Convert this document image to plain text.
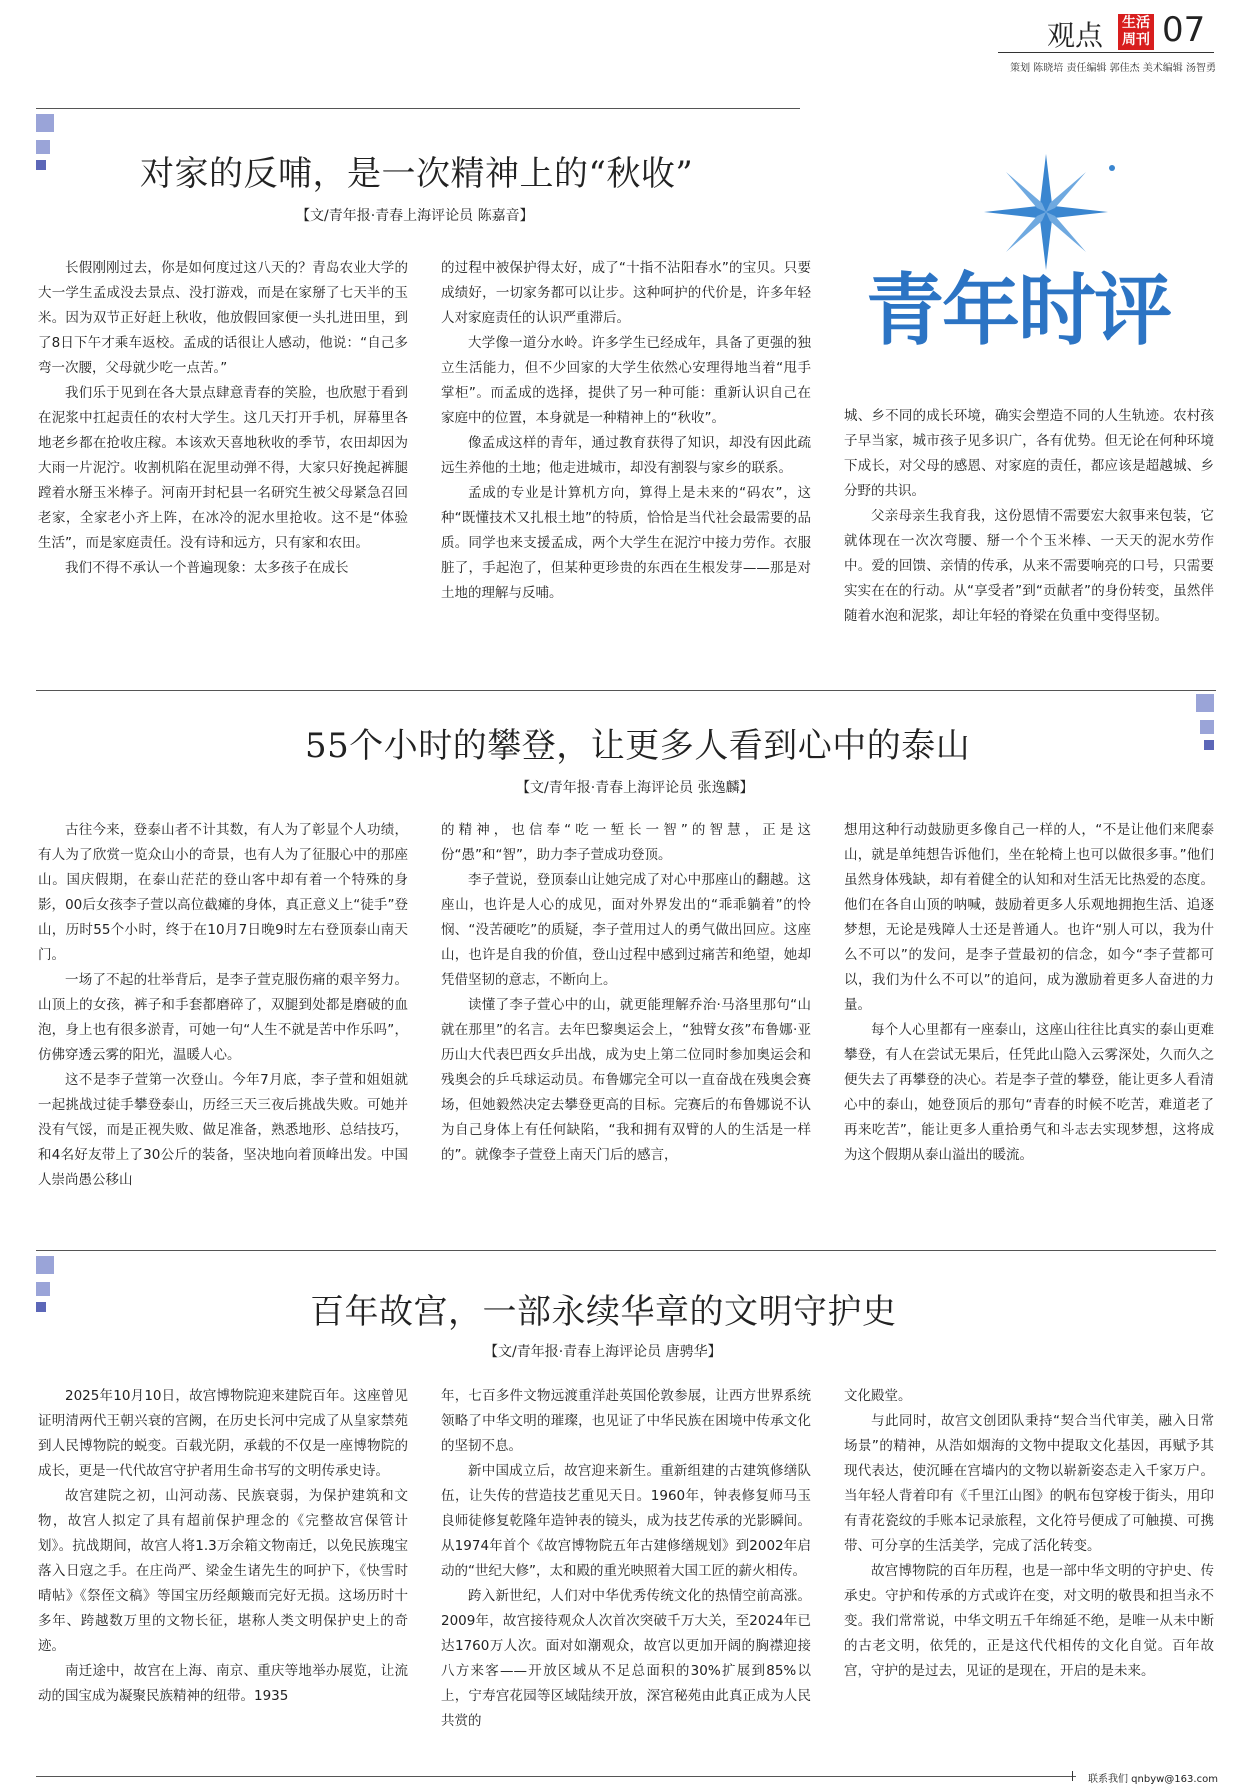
观点 生活
周刊 07
策划 陈晓培 责任编辑 郭佳杰 美术编辑 汤智勇
对家的反哺，是一次精神上的“秋收”
【文/青年报·青春上海评论员 陈嘉音】

长假刚刚过去，你是如何度过这八天的？青岛农业大学的大一学生孟成没去景点、没打游戏，而是在家掰了七天半的玉米。因为双节正好赶上秋收，他放假回家便一头扎进田里，到了8日下午才乘车返校。孟成的话很让人感动，他说：“自己多弯一次腰，父母就少吃一点苦。”

我们乐于见到在各大景点肆意青春的笑脸，也欣慰于看到在泥浆中扛起责任的农村大学生。这几天打开手机，屏幕里各地老乡都在抢收庄稼。本该欢天喜地秋收的季节，农田却因为大雨一片泥泞。收割机陷在泥里动弹不得，大家只好挽起裤腿蹚着水掰玉米棒子。河南开封杞县一名研究生被父母紧急召回老家，全家老小齐上阵，在冰冷的泥水里抢收。这不是“体验生活”，而是家庭责任。没有诗和远方，只有家和农田。

我们不得不承认一个普遍现象：太多孩子在成长

的过程中被保护得太好，成了“十指不沾阳春水”的宝贝。只要成绩好，一切家务都可以让步。这种呵护的代价是，许多年轻人对家庭责任的认识严重滞后。

大学像一道分水岭。许多学生已经成年，具备了更强的独立生活能力，但不少回家的大学生依然心安理得地当着“甩手掌柜”。而孟成的选择，提供了另一种可能：重新认识自己在家庭中的位置，本身就是一种精神上的“秋收”。

像孟成这样的青年，通过教育获得了知识，却没有因此疏远生养他的土地；他走进城市，却没有割裂与家乡的联系。

孟成的专业是计算机方向，算得上是未来的“码农”，这种“既懂技术又扎根土地”的特质，恰恰是当代社会最需要的品质。同学也来支援孟成，两个大学生在泥泞中接力劳作。衣服脏了，手起泡了，但某种更珍贵的东西在生根发芽——那是对土地的理解与反哺。

青年时评

城、乡不同的成长环境，确实会塑造不同的人生轨迹。农村孩子早当家，城市孩子见多识广，各有优势。但无论在何种环境下成长，对父母的感恩、对家庭的责任，都应该是超越城、乡分野的共识。

父亲母亲生我育我，这份恩情不需要宏大叙事来包装，它就体现在一次次弯腰、掰一个个玉米棒、一天天的泥水劳作中。爱的回馈、亲情的传承，从来不需要响亮的口号，只需要实实在在的行动。从“享受者”到“贡献者”的身份转变，虽然伴随着水泡和泥浆，却让年轻的脊梁在负重中变得坚韧。

55个小时的攀登，让更多人看到心中的泰山
【文/青年报·青春上海评论员 张逸麟】

古往今来，登泰山者不计其数，有人为了彰显个人功绩，有人为了欣赏一览众山小的奇景，也有人为了征服心中的那座山。国庆假期，在泰山茫茫的登山客中却有着一个特殊的身影，00后女孩李子萱以高位截瘫的身体，真正意义上“徒手”登山，历时55个小时，终于在10月7日晚9时左右登顶泰山南天门。

一场了不起的壮举背后，是李子萱克服伤痛的艰辛努力。山顶上的女孩，裤子和手套都磨碎了，双腿到处都是磨破的血泡，身上也有很多淤青，可她一句“人生不就是苦中作乐吗”，仿佛穿透云雾的阳光，温暖人心。

这不是李子萱第一次登山。今年7月底，李子萱和姐姐就一起挑战过徒手攀登泰山，历经三天三夜后挑战失败。可她并没有气馁，而是正视失败、做足准备，熟悉地形、总结技巧，和4名好友带上了30公斤的装备，坚决地向着顶峰出发。中国人崇尚愚公移山

的精神，也信奉“吃一堑长一智”的智慧，正是这份“愚”和“智”，助力李子萱成功登顶。

李子萱说，登顶泰山让她完成了对心中那座山的翻越。这座山，也许是人心的成见，面对外界发出的“乖乖躺着”的怜悯、“没苦硬吃”的质疑，李子萱用过人的勇气做出回应。这座山，也许是自我的价值，登山过程中感到过痛苦和绝望，她却凭借坚韧的意志，不断向上。

读懂了李子萱心中的山，就更能理解乔治·马洛里那句“山就在那里”的名言。去年巴黎奥运会上，“独臂女孩”布鲁娜·亚历山大代表巴西女乒出战，成为史上第二位同时参加奥运会和残奥会的乒乓球运动员。布鲁娜完全可以一直奋战在残奥会赛场，但她毅然决定去攀登更高的目标。完赛后的布鲁娜说不认为自己身体上有任何缺陷，“我和拥有双臂的人的生活是一样的”。就像李子萱登上南天门后的感言，

想用这种行动鼓励更多像自己一样的人，“不是让他们来爬泰山，就是单纯想告诉他们，坐在轮椅上也可以做很多事。”他们虽然身体残缺，却有着健全的认知和对生活无比热爱的态度。他们在各自山顶的呐喊，鼓励着更多人乐观地拥抱生活、追逐梦想，无论是残障人士还是普通人。也许“别人可以，我为什么不可以”的发问，是李子萱最初的信念，如今“李子萱都可以，我们为什么不可以”的追问，成为激励着更多人奋进的力量。

每个人心里都有一座泰山，这座山往往比真实的泰山更难攀登，有人在尝试无果后，任凭此山隐入云雾深处，久而久之便失去了再攀登的决心。若是李子萱的攀登，能让更多人看清心中的泰山，她登顶后的那句“青春的时候不吃苦，难道老了再来吃苦”，能让更多人重拾勇气和斗志去实现梦想，这将成为这个假期从泰山溢出的暖流。

百年故宫，一部永续华章的文明守护史
【文/青年报·青春上海评论员 唐骋华】

2025年10月10日，故宫博物院迎来建院百年。这座曾见证明清两代王朝兴衰的宫阙，在历史长河中完成了从皇家禁苑到人民博物院的蜕变。百载光阴，承载的不仅是一座博物院的成长，更是一代代故宫守护者用生命书写的文明传承史诗。

故宫建院之初，山河动荡、民族衰弱，为保护建筑和文物，故宫人拟定了具有超前保护理念的《完整故宫保管计划》。抗战期间，故宫人将1.3万余箱文物南迁，以免民族瑰宝落入日寇之手。在庄尚严、梁金生诸先生的呵护下，《快雪时晴帖》《祭侄文稿》等国宝历经颠簸而完好无损。这场历时十多年、跨越数万里的文物长征，堪称人类文明保护史上的奇迹。

南迁途中，故宫在上海、南京、重庆等地举办展览，让流动的国宝成为凝聚民族精神的纽带。1935

年，七百多件文物远渡重洋赴英国伦敦参展，让西方世界系统领略了中华文明的璀璨，也见证了中华民族在困境中传承文化的坚韧不息。

新中国成立后，故宫迎来新生。重新组建的古建筑修缮队伍，让失传的营造技艺重见天日。1960年，钟表修复师马玉良师徒修复乾隆年造钟表的镜头，成为技艺传承的光影瞬间。从1974年首个《故宫博物院五年古建修缮规划》到2002年启动的“世纪大修”，太和殿的重光映照着大国工匠的薪火相传。

跨入新世纪，人们对中华优秀传统文化的热情空前高涨。2009年，故宫接待观众人次首次突破千万大关，至2024年已达1760万人次。面对如潮观众，故宫以更加开阔的胸襟迎接八方来客——开放区域从不足总面积的30%扩展到85%以上，宁寿宫花园等区域陆续开放，深宫秘苑由此真正成为人民共赏的

文化殿堂。

与此同时，故宫文创团队秉持“契合当代审美，融入日常场景”的精神，从浩如烟海的文物中提取文化基因，再赋予其现代表达，使沉睡在宫墙内的文物以崭新姿态走入千家万户。当年轻人背着印有《千里江山图》的帆布包穿梭于街头，用印有青花瓷纹的手账本记录旅程，文化符号便成了可触摸、可携带、可分享的生活美学，完成了活化转变。

故宫博物院的百年历程，也是一部中华文明的守护史、传承史。守护和传承的方式或许在变，对文明的敬畏和担当永不变。我们常常说，中华文明五千年绵延不绝，是唯一从未中断的古老文明，依凭的，正是这代代相传的文化自觉。百年故宫，守护的是过去，见证的是现在，开启的是未来。

联系我们 qnbyw@163.com
